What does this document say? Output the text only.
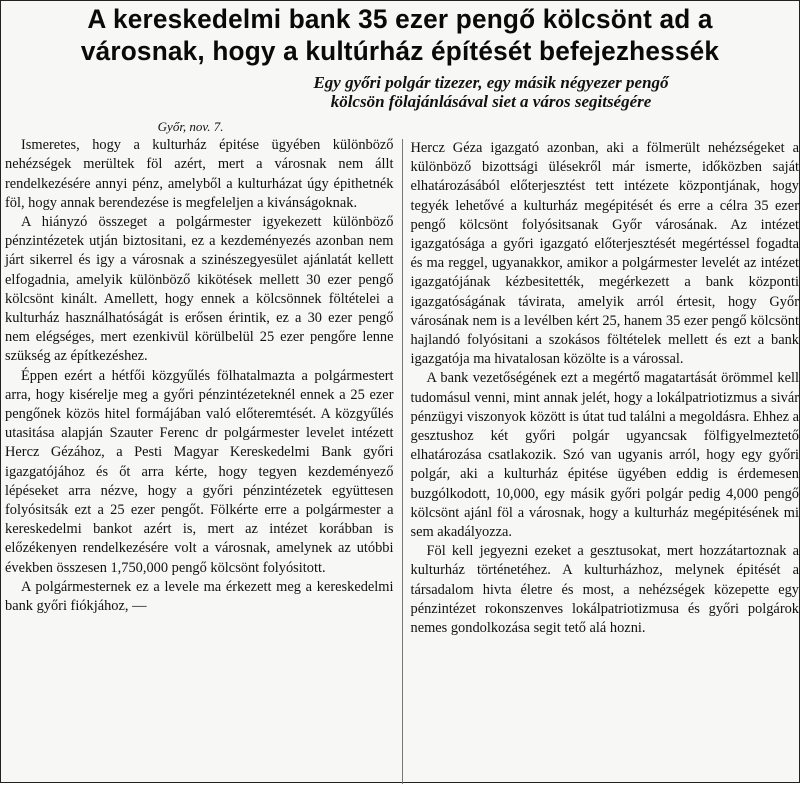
A kereskedelmi bank 35 ezer pengő kölcsönt ad a
városnak, hogy a kultúrház építését befejezhessék
Egy győri polgár tizezer, egy másik négyezer pengő
kölcsön fölajánlásával siet a város segitségére

Győr, nov. 7.

Ismeretes, hogy a kulturház épitése ügyében különböző nehézségek merültek föl azért, mert a városnak nem állt rendelkezésére annyi pénz, amelyből a kulturházat úgy épithetnék föl, hogy annak berendezése is megfeleljen a kivánságoknak.

A hiányzó összeget a polgármester igyekezett különböző pénzintézetek utján biztositani, ez a kezdeményezés azonban nem járt sikerrel és igy a városnak a szinészegyesület ajánlatát kellett elfogadnia, amelyik különböző kikötések mellett 30 ezer pengő kölcsönt kinált. Amellett, hogy ennek a kölcsönnek föltételei a kulturház használhatóságát is erősen érintik, ez a 30 ezer pengő nem elégséges, mert ezenkivül körülbelül 25 ezer pengőre lenne szükség az építkezéshez.

Éppen ezért a hétfői közgyűlés fölhatalmazta a polgármestert arra, hogy kisérelje meg a győri pénzintézeteknél ennek a 25 ezer pengőnek közös hitel formájában való előteremtését. A közgyűlés utasitása alapján Szauter Ferenc dr polgármester levelet intézett Hercz Gézához, a Pesti Magyar Kereskedelmi Bank győri igazgatójához és őt arra kérte, hogy tegyen kezdeményező lépéseket arra nézve, hogy a győri pénzintézetek együttesen folyósitsák ezt a 25 ezer pengőt. Fölkérte erre a polgármester a kereskedelmi bankot azért is, mert az intézet korábban is előzékenyen rendelkezésére volt a városnak, amelynek az utóbbi években összesen 1,750,000 pengő kölcsönt folyósitott.

A polgármesternek ez a levele ma érkezett meg a kereskedelmi bank győri fiókjához, —

Hercz Géza igazgató azonban, aki a fölmerült nehézségeket a különböző bizottsági ülésekről már ismerte, időközben saját elhatározásából előterjesztést tett intézete központjának, hogy tegyék lehetővé a kulturház megépitését és erre a célra 35 ezer pengő kölcsönt folyósitsanak Győr városának. Az intézet igazgatósága a győri igazgató előterjesztését megértéssel fogadta és ma reggel, ugyanakkor, amikor a polgármester levelét az intézet igazgatójának kézbesitették, megérkezett a bank központi igazgatóságának távirata, amelyik arról értesit, hogy Győr városának nem is a levélben kért 25, hanem 35 ezer pengő kölcsönt hajlandó folyósitani a szokásos föltételek mellett és ezt a bank igazgatója ma hivatalosan közölte is a várossal.

A bank vezetőségének ezt a megértő magatartását örömmel kell tudomásul venni, mint annak jelét, hogy a lokálpatriotizmus a sivár pénzügyi viszonyok között is útat tud találni a megoldásra. Ehhez a gesztushoz két győri polgár ugyancsak fölfigyelmeztető elhatározása csatlakozik. Szó van ugyanis arról, hogy egy győri polgár, aki a kulturház épitése ügyében eddig is érdemesen buzgólkodott, 10,000, egy másik győri polgár pedig 4,000 pengő kölcsönt ajánl föl a városnak, hogy a kulturház megépitésének mi sem akadályozza.

Föl kell jegyezni ezeket a gesztusokat, mert hozzátartoznak a kulturház történetéhez. A kulturházhoz, melynek épitését a társadalom hivta életre és most, a nehézségek közepette egy pénzintézet rokonszenves lokálpatriotizmusa és győri polgárok nemes gondolkozása segit tető alá hozni.
